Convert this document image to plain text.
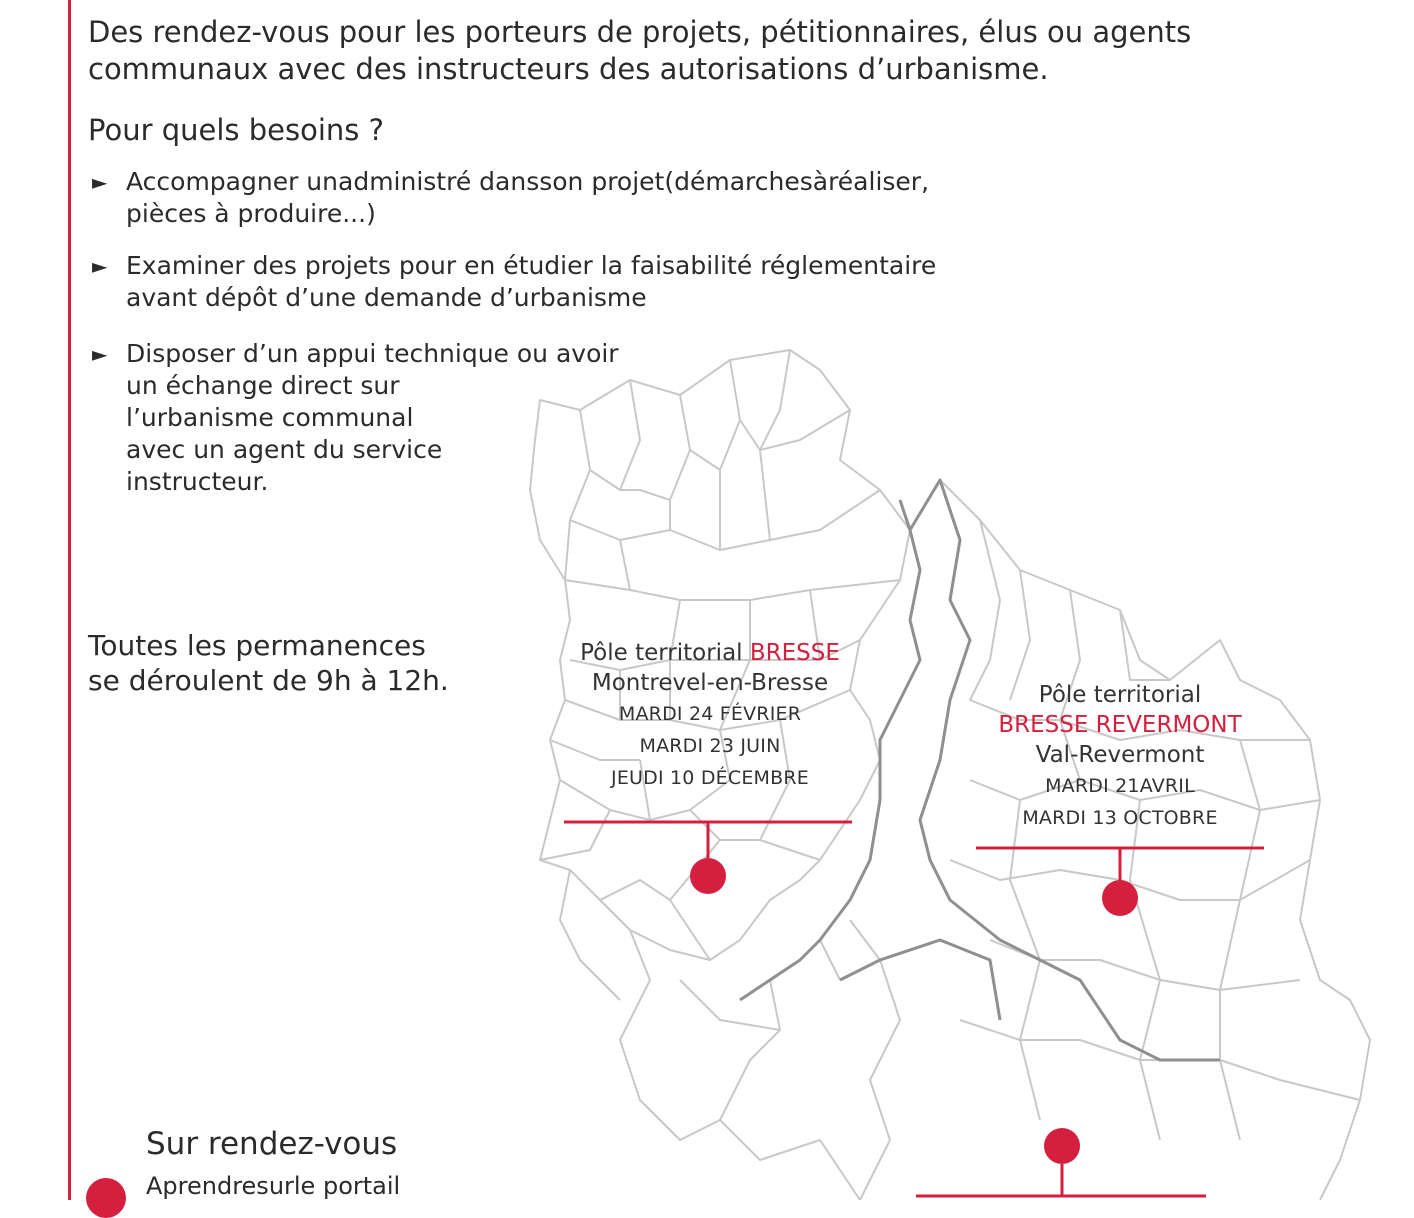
Des rendez-vous pour les porteurs de projets, pétitionnaires, élus ou agents
communaux avec des instructeurs des autorisations d’urbanisme.
Pour quels besoins ?
► Accompagner unadministré dansson projet(démarchesàréaliser,
pièces à produire...)
► Examiner des projets pour en étudier la faisabilité réglementaire
avant dépôt d’une demande d’urbanisme
► Disposer d’un appui technique ou avoir
un échange direct sur
l’urbanisme communal
avec un agent du service
instructeur.
Toutes les permanences
se déroulent de 9h à 12h.
Pôle territorial BRESSE
Montrevel-en-Bresse
MARDI 24 FÉVRIER
MARDI 23 JUIN
JEUDI 10 DÉCEMBRE
Pôle territorial
BRESSE REVERMONT
Val-Revermont
MARDI 21AVRIL
MARDI 13 OCTOBRE
Sur rendez-vous
Aprendresurle portail
